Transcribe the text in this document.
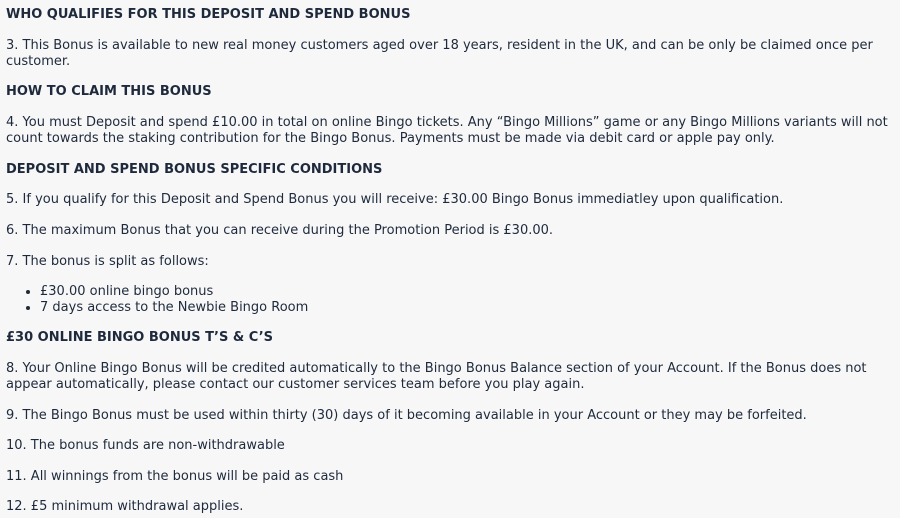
WHO QUALIFIES FOR THIS DEPOSIT AND SPEND BONUS

3. This Bonus is available to new real money customers aged over 18 years, resident in the UK, and can be only be claimed once per customer.

HOW TO CLAIM THIS BONUS

4. You must Deposit and spend £10.00 in total on online Bingo tickets. Any “Bingo Millions” game or any Bingo Millions variants will not count towards the staking contribution for the Bingo Bonus. Payments must be made via debit card or apple pay only.

DEPOSIT AND SPEND BONUS SPECIFIC CONDITIONS

5. If you qualify for this Deposit and Spend Bonus you will receive: £30.00 Bingo Bonus immediatley upon qualification.

6. The maximum Bonus that you can receive during the Promotion Period is £30.00.

7. The bonus is split as follows:

• £30.00 online bingo bonus
• 7 days access to the Newbie Bingo Room
£30 ONLINE BINGO BONUS T’S & C’S

8. Your Online Bingo Bonus will be credited automatically to the Bingo Bonus Balance section of your Account. If the Bonus does not appear automatically, please contact our customer services team before you play again.

9. The Bingo Bonus must be used within thirty (30) days of it becoming available in your Account or they may be forfeited.

10. The bonus funds are non-withdrawable

11. All winnings from the bonus will be paid as cash

12. £5 minimum withdrawal applies.
